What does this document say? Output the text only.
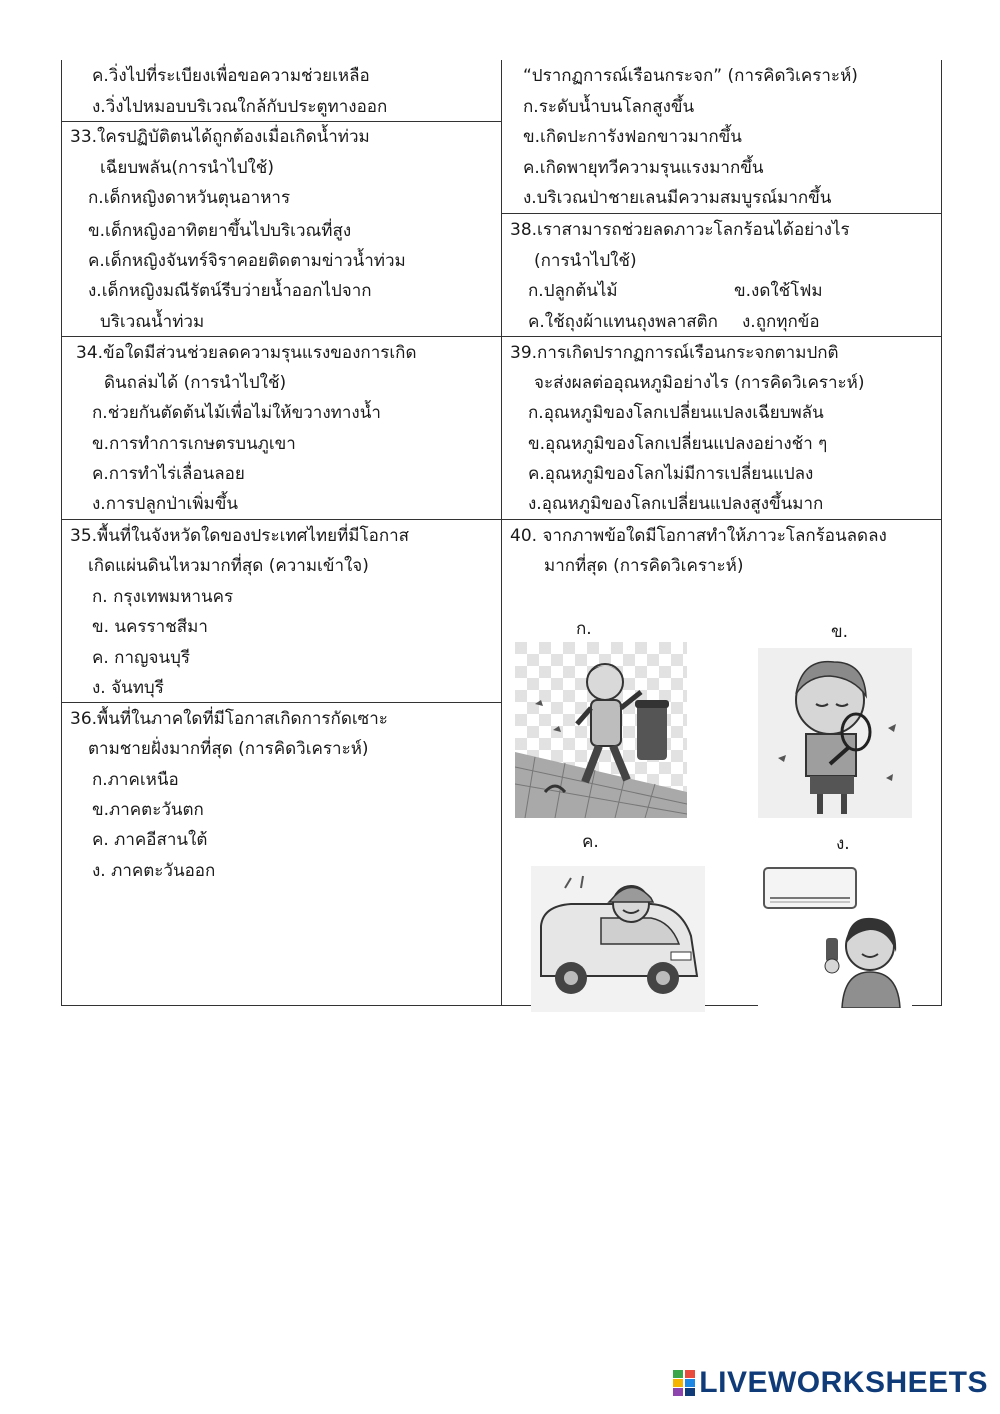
ค.วิ่งไปที่ระเบียงเพื่อขอความช่วยเหลือ
ง.วิ่งไปหมอบบริเวณใกล้กับประตูทางออก
33.ใครปฏิบัติตนได้ถูกต้องเมื่อเกิดน้ำท่วม
เฉียบพลัน(การนำไปใช้)
ก.เด็กหญิงดาหวันตุนอาหาร
ข.เด็กหญิงอาทิตยาขึ้นไปบริเวณที่สูง
ค.เด็กหญิงจันทร์จิราคอยติดตามข่าวน้ำท่วม
ง.เด็กหญิงมณีรัตน์รีบว่ายน้ำออกไปจาก
บริเวณน้ำท่วม
34.ข้อใดมีส่วนช่วยลดความรุนแรงของการเกิด
ดินถล่มได้ (การนำไปใช้)
ก.ช่วยกันตัดต้นไม้เพื่อไม่ให้ขวางทางน้ำ
ข.การทำการเกษตรบนภูเขา
ค.การทำไร่เลื่อนลอย
ง.การปลูกป่าเพิ่มขึ้น
35.พื้นที่ในจังหวัดใดของประเทศไทยที่มีโอกาส
เกิดแผ่นดินไหวมากที่สุด (ความเข้าใจ)
ก. กรุงเทพมหานคร
ข. นครราชสีมา
ค. กาญจนบุรี
ง. จันทบุรี
36.พื้นที่ในภาคใดที่มีโอกาสเกิดการกัดเซาะ
ตามชายฝั่งมากที่สุด (การคิดวิเคราะห์)
ก.ภาคเหนือ
ข.ภาคตะวันตก
ค. ภาคอีสานใต้
ง. ภาคตะวันออก
“ปรากฏการณ์เรือนกระจก” (การคิดวิเคราะห์)
ก.ระดับน้ำบนโลกสูงขึ้น
ข.เกิดปะการังฟอกขาวมากขึ้น
ค.เกิดพายุทวีความรุนแรงมากขึ้น
ง.บริเวณป่าชายเลนมีความสมบูรณ์มากขึ้น
38.เราสามารถช่วยลดภาวะโลกร้อนได้อย่างไร
(การนำไปใช้)
ก.ปลูกต้นไม้	ข.งดใช้โฟม
ค.ใช้ถุงผ้าแทนถุงพลาสติก ง.ถูกทุกข้อ
39.การเกิดปรากฏการณ์เรือนกระจกตามปกติ
จะส่งผลต่ออุณหภูมิอย่างไร (การคิดวิเคราะห์)
ก.อุณหภูมิของโลกเปลี่ยนแปลงเฉียบพลัน
ข.อุณหภูมิของโลกเปลี่ยนแปลงอย่างช้า ๆ
ค.อุณหภูมิของโลกไม่มีการเปลี่ยนแปลง
ง.อุณหภูมิของโลกเปลี่ยนแปลงสูงขึ้นมาก
40. จากภาพข้อใดมีโอกาสทำให้ภาวะโลกร้อนลดลง
มากที่สุด (การคิดวิเคราะห์)
ก.	ข.
ค.	ง.
LIVEWORKSHEETS
